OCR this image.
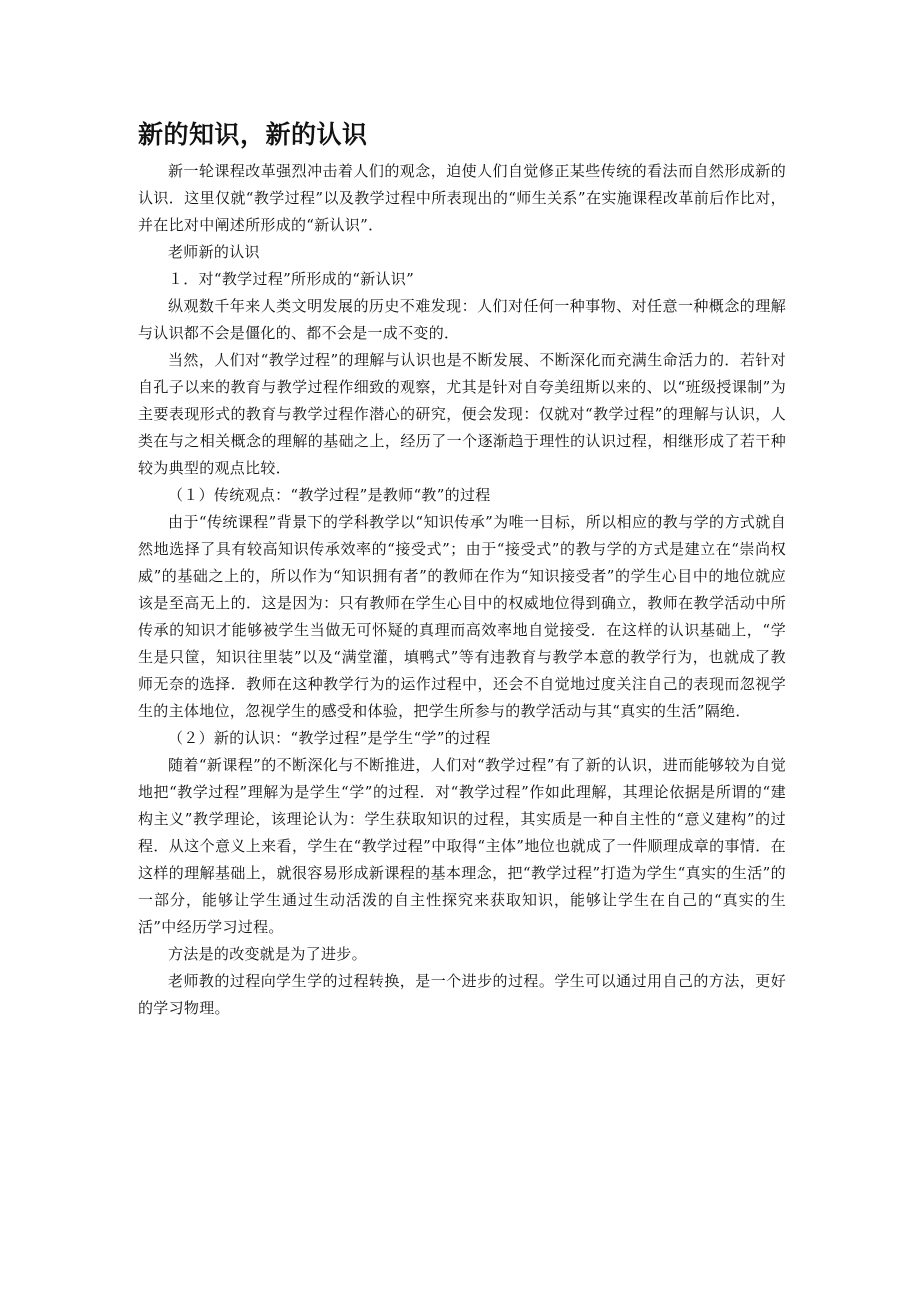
新的知识，新的认识

新一轮课程改革强烈冲击着人们的观念，迫使人们自觉修正某些传统的看法而自然形成新的认识．这里仅就“教学过程”以及教学过程中所表现出的“师生关系”在实施课程改革前后作比对，并在比对中阐述所形成的“新认识”．

老师新的认识

１．对“教学过程”所形成的“新认识”

纵观数千年来人类文明发展的历史不难发现：人们对任何一种事物、对任意一种概念的理解与认识都不会是僵化的、都不会是一成不变的．

当然，人们对“教学过程”的理解与认识也是不断发展、不断深化而充满生命活力的．若针对自孔子以来的教育与教学过程作细致的观察，尤其是针对自夸美纽斯以来的、以“班级授课制”为主要表现形式的教育与教学过程作潜心的研究，便会发现：仅就对“教学过程”的理解与认识，人类在与之相关概念的理解的基础之上，经历了一个逐渐趋于理性的认识过程，相继形成了若干种较为典型的观点比较．

（１）传统观点：“教学过程”是教师“教”的过程

由于“传统课程”背景下的学科教学以“知识传承”为唯一目标，所以相应的教与学的方式就自然地选择了具有较高知识传承效率的“接受式”；由于“接受式”的教与学的方式是建立在“崇尚权威”的基础之上的，所以作为“知识拥有者”的教师在作为“知识接受者”的学生心目中的地位就应该是至高无上的．这是因为：只有教师在学生心目中的权威地位得到确立，教师在教学活动中所传承的知识才能够被学生当做无可怀疑的真理而高效率地自觉接受．在这样的认识基础上，“学生是只筐，知识往里装”以及“满堂灌，填鸭式”等有违教育与教学本意的教学行为，也就成了教师无奈的选择．教师在这种教学行为的运作过程中，还会不自觉地过度关注自己的表现而忽视学生的主体地位，忽视学生的感受和体验，把学生所参与的教学活动与其“真实的生活”隔绝．

（２）新的认识：“教学过程”是学生“学”的过程

随着“新课程”的不断深化与不断推进，人们对“教学过程”有了新的认识，进而能够较为自觉地把“教学过程”理解为是学生“学”的过程．对“教学过程”作如此理解，其理论依据是所谓的“建构主义”教学理论，该理论认为：学生获取知识的过程，其实质是一种自主性的“意义建构”的过程．从这个意义上来看，学生在“教学过程”中取得“主体”地位也就成了一件顺理成章的事情．在这样的理解基础上，就很容易形成新课程的基本理念，把“教学过程”打造为学生“真实的生活”的一部分，能够让学生通过生动活泼的自主性探究来获取知识，能够让学生在自己的“真实的生活”中经历学习过程。

方法是的改变就是为了进步。

老师教的过程向学生学的过程转换，是一个进步的过程。学生可以通过用自己的方法，更好的学习物理。
